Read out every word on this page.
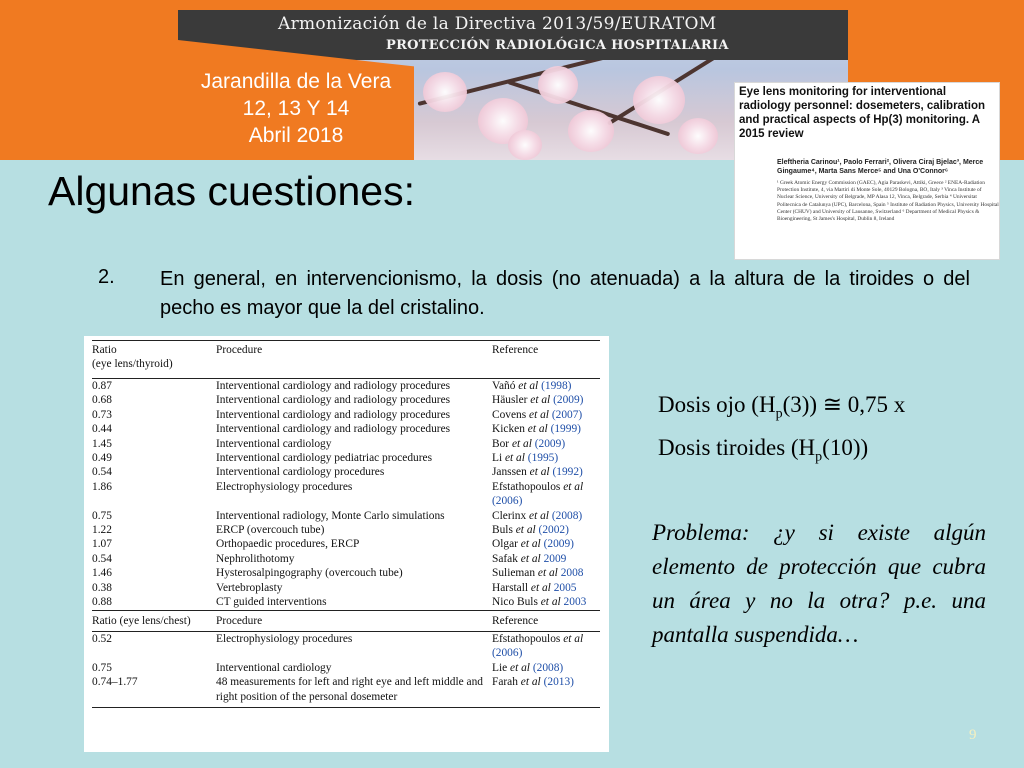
Armonización de la Directiva 2013/59/EURATOM
PROTECCIÓN RADIOLÓGICA HOSPITALARIA
Jarandilla de la Vera
12, 13 Y 14
Abril 2018
Eye lens monitoring for interventional radiology personnel: dosemeters, calibration and practical aspects of Hp(3) monitoring. A 2015 review
Eleftheria Carinou¹, Paolo Ferrari², Olivera Ciraj Bjelac³, Merce Gingaume⁴, Marta Sans Merce⁵ and Una O'Connor⁶
¹ Greek Atomic Energy Commission (GAEC), Agia Paraskevi, Attiki, Greece ² ENEA-Radiation Protection Institute, 4, via Martiri di Monte Sole, 40129 Bologna, BO, Italy ³ Vinca Institute of Nuclear Science, University of Belgrade, MP Alasa 12, Vinca, Belgrade, Serbia ⁴ Universitat Politecnica de Catalunya (UPC), Barcelona, Spain ⁵ Institute of Radiation Physics, University Hospital Center (CHUV) and University of Lausanne, Switzerland ⁶ Department of Medical Physics & Bioengineering, St James's Hospital, Dublin 8, Ireland
Algunas cuestiones:
2. En general, en intervencionismo, la dosis (no atenuada) a la altura de la tiroides o del pecho es mayor que la del cristalino.
Ratio
(eye lens/thyroid)	Procedure	Reference
0.87	Interventional cardiology and radiology procedures	Vañó et al (1998)
0.68	Interventional cardiology and radiology procedures	Häusler et al (2009)
0.73	Interventional cardiology and radiology procedures	Covens et al (2007)
0.44	Interventional cardiology and radiology procedures	Kicken et al (1999)
1.45	Interventional cardiology	Bor et al (2009)
0.49	Interventional cardiology pediatriac procedures	Li et al (1995)
0.54	Interventional cardiology procedures	Janssen et al (1992)
1.86	Electrophysiology procedures	Efstathopoulos et al (2006)
0.75	Interventional radiology, Monte Carlo simulations	Clerinx et al (2008)
1.22	ERCP (overcouch tube)	Buls et al (2002)
1.07	Orthopaedic procedures, ERCP	Olgar et al (2009)
0.54	Nephrolithotomy	Safak et al 2009
1.46	Hysterosalpingography (overcouch tube)	Sulieman et al 2008
0.38	Vertebroplasty	Harstall et al 2005
0.88	CT guided interventions	Nico Buls et al 2003
Ratio (eye lens/chest)	Procedure	Reference
0.52	Electrophysiology procedures	Efstathopoulos et al (2006)
0.75	Interventional cardiology	Lie et al (2008)
0.74–1.77	48 measurements for left and right eye and left middle and right position of the personal dosemeter	Farah et al (2013)
Dosis ojo $(H_p(3))$ ≅ 0,75 x
Dosis tiroides $(H_p(10))$
Problema: ¿y si existe algún elemento de protección que cubra un área y no la otra? p.e. una pantalla suspendida…
9
